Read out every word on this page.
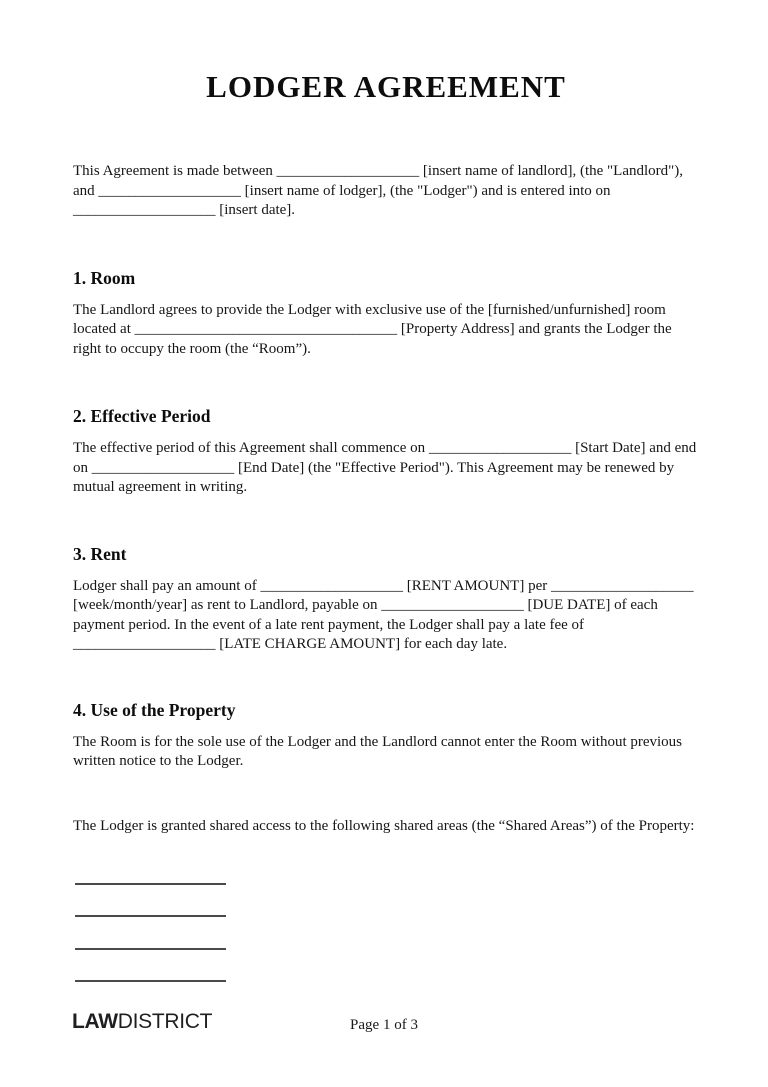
LODGER AGREEMENT

This Agreement is made between ___________________ [insert name of landlord], (the "Landlord"), and ___________________ [insert name of lodger], (the "Lodger") and is entered into on ___________________ [insert date].

1. Room

The Landlord agrees to provide the Lodger with exclusive use of the [furnished/unfurnished] room located at ___________________________________ [Property Address] and grants the Lodger the right to occupy the room (the “Room”).

2. Effective Period

The effective period of this Agreement shall commence on ___________________ [Start Date] and end on ___________________ [End Date] (the "Effective Period"). This Agreement may be renewed by mutual agreement in writing.

3. Rent

Lodger shall pay an amount of ___________________ [RENT AMOUNT] per ___________________ [week/month/year] as rent to Landlord, payable on ___________________ [DUE DATE] of each payment period. In the event of a late rent payment, the Lodger shall pay a late fee of ___________________ [LATE CHARGE AMOUNT] for each day late.

4. Use of the Property

The Room is for the sole use of the Lodger and the Landlord cannot enter the Room without previous written notice to the Lodger.

The Lodger is granted shared access to the following shared areas (the “Shared Areas”) of the Property:

LAWDISTRICT	Page 1 of 3
